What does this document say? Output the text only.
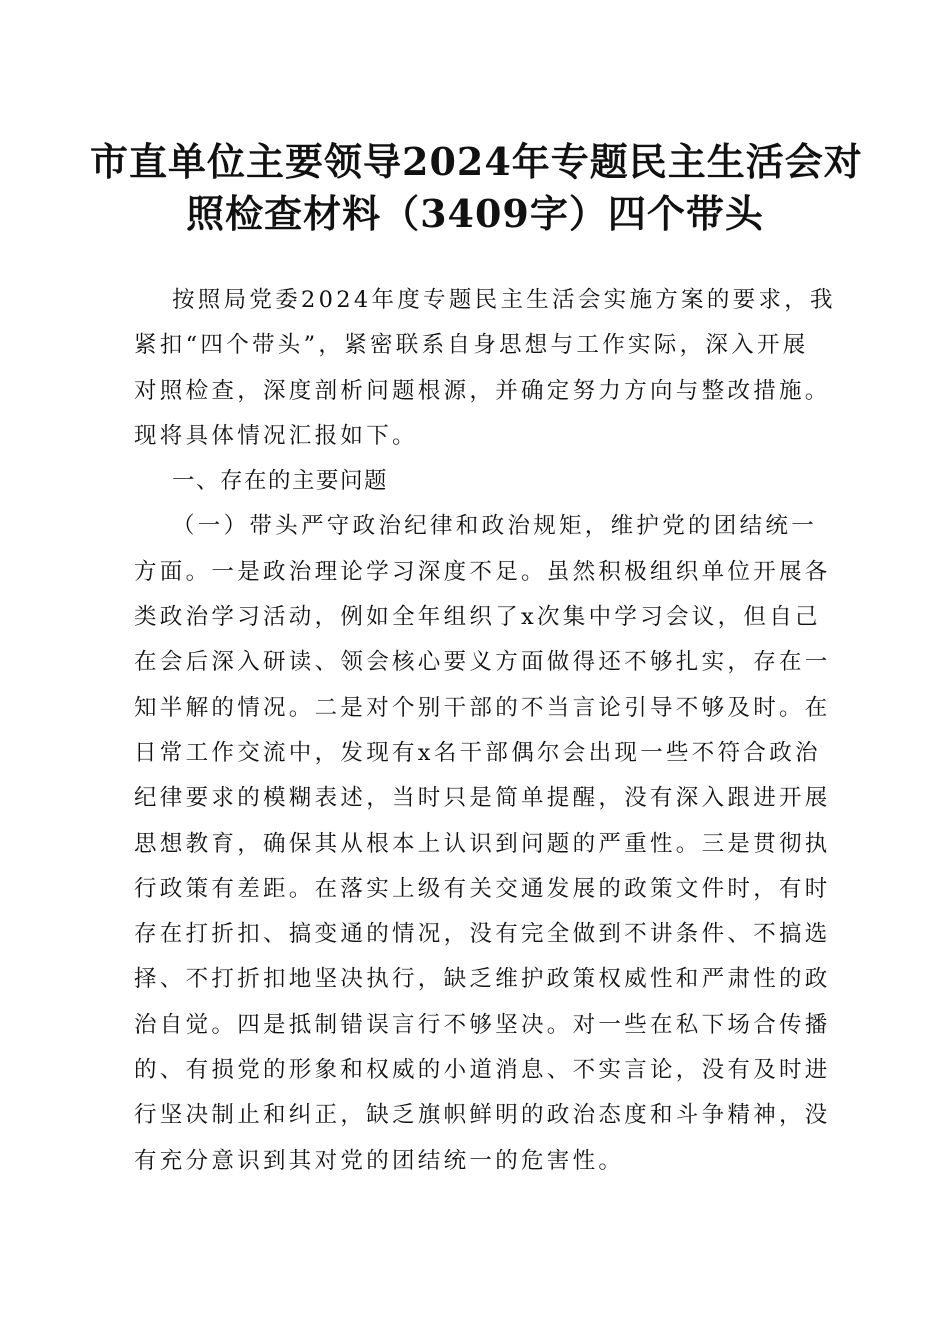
市直单位主要领导2024年专题民主生活会对
照检查材料（3409字）四个带头

按照局党委2024年度专题民主生活会实施方案的要求，我
紧扣“四个带头”，紧密联系自身思想与工作实际，深入开展
对照检查，深度剖析问题根源，并确定努力方向与整改措施。
现将具体情况汇报如下。

一、存在的主要问题

（一）带头严守政治纪律和政治规矩，维护党的团结统一
方面。一是政治理论学习深度不足。虽然积极组织单位开展各
类政治学习活动，例如全年组织了x次集中学习会议，但自己
在会后深入研读、领会核心要义方面做得还不够扎实，存在一
知半解的情况。二是对个别干部的不当言论引导不够及时。在
日常工作交流中，发现有x名干部偶尔会出现一些不符合政治
纪律要求的模糊表述，当时只是简单提醒，没有深入跟进开展
思想教育，确保其从根本上认识到问题的严重性。三是贯彻执
行政策有差距。在落实上级有关交通发展的政策文件时，有时
存在打折扣、搞变通的情况，没有完全做到不讲条件、不搞选
择、不打折扣地坚决执行，缺乏维护政策权威性和严肃性的政
治自觉。四是抵制错误言行不够坚决。对一些在私下场合传播
的、有损党的形象和权威的小道消息、不实言论，没有及时进
行坚决制止和纠正，缺乏旗帜鲜明的政治态度和斗争精神，没
有充分意识到其对党的团结统一的危害性。
